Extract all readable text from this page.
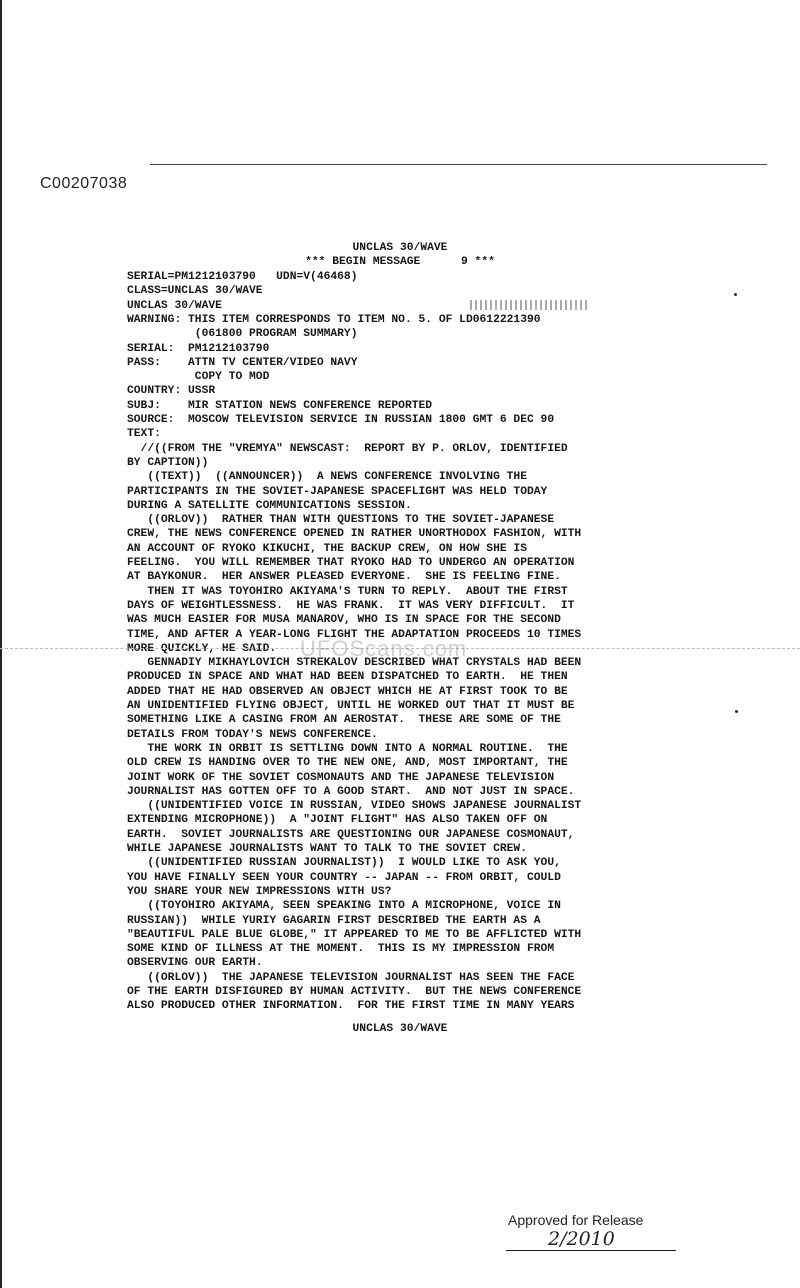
C00207038
UNCLAS 30/WAVE
*** BEGIN MESSAGE      9 ***
SERIAL=PM1212103790   UDN=V(46468)
CLASS=UNCLAS 30/WAVE
UNCLAS 30/WAVE
WARNING: THIS ITEM CORRESPONDS TO ITEM NO. 5. OF LD0612221390
(061800 PROGRAM SUMMARY)
SERIAL:  PM1212103790
PASS:    ATTN TV CENTER/VIDEO NAVY
COPY TO MOD
COUNTRY: USSR
SUBJ:    MIR STATION NEWS CONFERENCE REPORTED
SOURCE:  MOSCOW TELEVISION SERVICE IN RUSSIAN 1800 GMT 6 DEC 90
TEXT:
//((FROM THE "VREMYA" NEWSCAST:  REPORT BY P. ORLOV, IDENTIFIED
BY CAPTION))
((TEXT))  ((ANNOUNCER))  A NEWS CONFERENCE INVOLVING THE
PARTICIPANTS IN THE SOVIET-JAPANESE SPACEFLIGHT WAS HELD TODAY
DURING A SATELLITE COMMUNICATIONS SESSION.
((ORLOV))  RATHER THAN WITH QUESTIONS TO THE SOVIET-JAPANESE
CREW, THE NEWS CONFERENCE OPENED IN RATHER UNORTHODOX FASHION, WITH
AN ACCOUNT OF RYOKO KIKUCHI, THE BACKUP CREW, ON HOW SHE IS
FEELING.  YOU WILL REMEMBER THAT RYOKO HAD TO UNDERGO AN OPERATION
AT BAYKONUR.  HER ANSWER PLEASED EVERYONE.  SHE IS FEELING FINE.
THEN IT WAS TOYOHIRO AKIYAMA'S TURN TO REPLY.  ABOUT THE FIRST
DAYS OF WEIGHTLESSNESS.  HE WAS FRANK.  IT WAS VERY DIFFICULT.  IT
WAS MUCH EASIER FOR MUSA MANAROV, WHO IS IN SPACE FOR THE SECOND
TIME, AND AFTER A YEAR-LONG FLIGHT THE ADAPTATION PROCEEDS 10 TIMES
MORE QUICKLY, HE SAID.
GENNADIY MIKHAYLOVICH STREKALOV DESCRIBED WHAT CRYSTALS HAD BEEN
PRODUCED IN SPACE AND WHAT HAD BEEN DISPATCHED TO EARTH.  HE THEN
ADDED THAT HE HAD OBSERVED AN OBJECT WHICH HE AT FIRST TOOK TO BE
AN UNIDENTIFIED FLYING OBJECT, UNTIL HE WORKED OUT THAT IT MUST BE
SOMETHING LIKE A CASING FROM AN AEROSTAT.  THESE ARE SOME OF THE
DETAILS FROM TODAY'S NEWS CONFERENCE.
THE WORK IN ORBIT IS SETTLING DOWN INTO A NORMAL ROUTINE.  THE
OLD CREW IS HANDING OVER TO THE NEW ONE, AND, MOST IMPORTANT, THE
JOINT WORK OF THE SOVIET COSMONAUTS AND THE JAPANESE TELEVISION
JOURNALIST HAS GOTTEN OFF TO A GOOD START.  AND NOT JUST IN SPACE.
((UNIDENTIFIED VOICE IN RUSSIAN, VIDEO SHOWS JAPANESE JOURNALIST
EXTENDING MICROPHONE))  A "JOINT FLIGHT" HAS ALSO TAKEN OFF ON
EARTH.  SOVIET JOURNALISTS ARE QUESTIONING OUR JAPANESE COSMONAUT,
WHILE JAPANESE JOURNALISTS WANT TO TALK TO THE SOVIET CREW.
((UNIDENTIFIED RUSSIAN JOURNALIST))  I WOULD LIKE TO ASK YOU,
YOU HAVE FINALLY SEEN YOUR COUNTRY -- JAPAN -- FROM ORBIT, COULD
YOU SHARE YOUR NEW IMPRESSIONS WITH US?
((TOYOHIRO AKIYAMA, SEEN SPEAKING INTO A MICROPHONE, VOICE IN
RUSSIAN))  WHILE YURIY GAGARIN FIRST DESCRIBED THE EARTH AS A
"BEAUTIFUL PALE BLUE GLOBE," IT APPEARED TO ME TO BE AFFLICTED WITH
SOME KIND OF ILLNESS AT THE MOMENT.  THIS IS MY IMPRESSION FROM
OBSERVING OUR EARTH.
((ORLOV))  THE JAPANESE TELEVISION JOURNALIST HAS SEEN THE FACE
OF THE EARTH DISFIGURED BY HUMAN ACTIVITY.  BUT THE NEWS CONFERENCE
ALSO PRODUCED OTHER INFORMATION.  FOR THE FIRST TIME IN MANY YEARS
UNCLAS 30/WAVE
UFOScans.com
Approved for Release
2/2010
